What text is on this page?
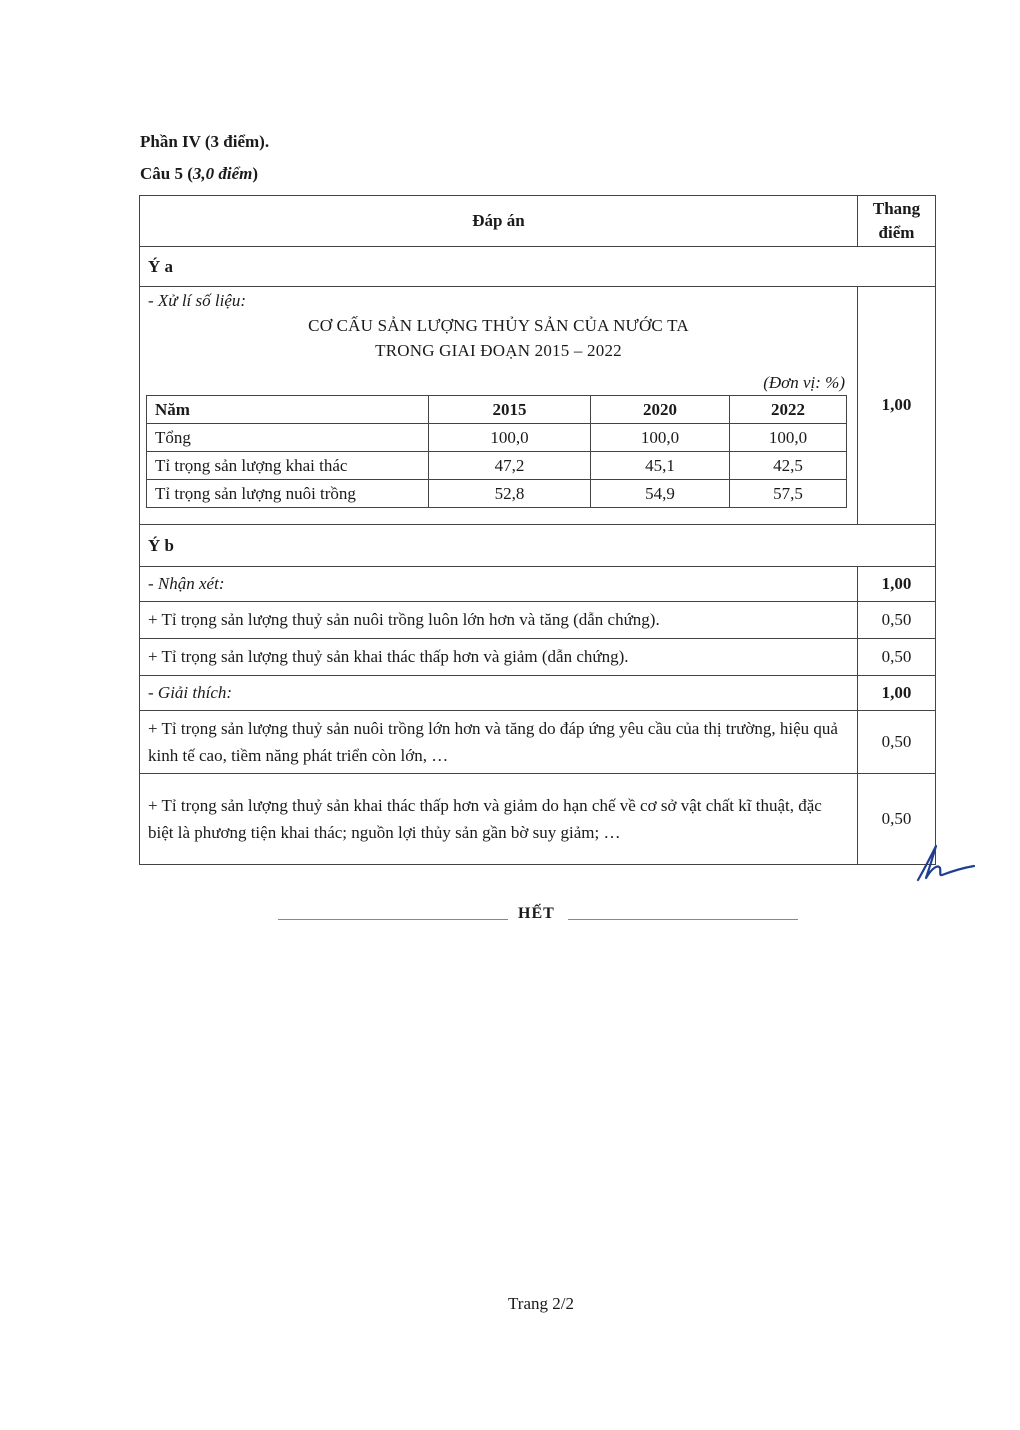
Phần IV (3 điểm).
Câu 5 (3,0 điểm)
Đáp án	Thang
điểm
Ý a

- Xử lí số liệu:
CƠ CẤU SẢN LƯỢNG THỦY SẢN CỦA NƯỚC TA
TRONG GIAI ĐOẠN 2015 – 2022
(Đơn vị: %)
Năm	2015	2020	2022
Tổng	100,0	100,0	100,0
Tỉ trọng sản lượng khai thác	47,2	45,1	42,5
Tỉ trọng sản lượng nuôi trồng	52,8	54,9	57,5
	1,00
Ý b
- Nhận xét:	1,00
+ Tỉ trọng sản lượng thuỷ sản nuôi trồng luôn lớn hơn và tăng (dẫn chứng).	0,50
+ Tỉ trọng sản lượng thuỷ sản khai thác thấp hơn và giảm (dẫn chứng).	0,50
- Giải thích:	1,00
+ Tỉ trọng sản lượng thuỷ sản nuôi trồng lớn hơn và tăng do đáp ứng yêu cầu của thị trường, hiệu quả kinh tế cao, tiềm năng phát triển còn lớn, …	0,50
+ Tỉ trọng sản lượng thuỷ sản khai thác thấp hơn và giảm do hạn chế về cơ sở vật chất kĩ thuật, đặc biệt là phương tiện khai thác; nguồn lợi thủy sản gần bờ suy giảm; …	0,50
HẾT
Trang 2/2
